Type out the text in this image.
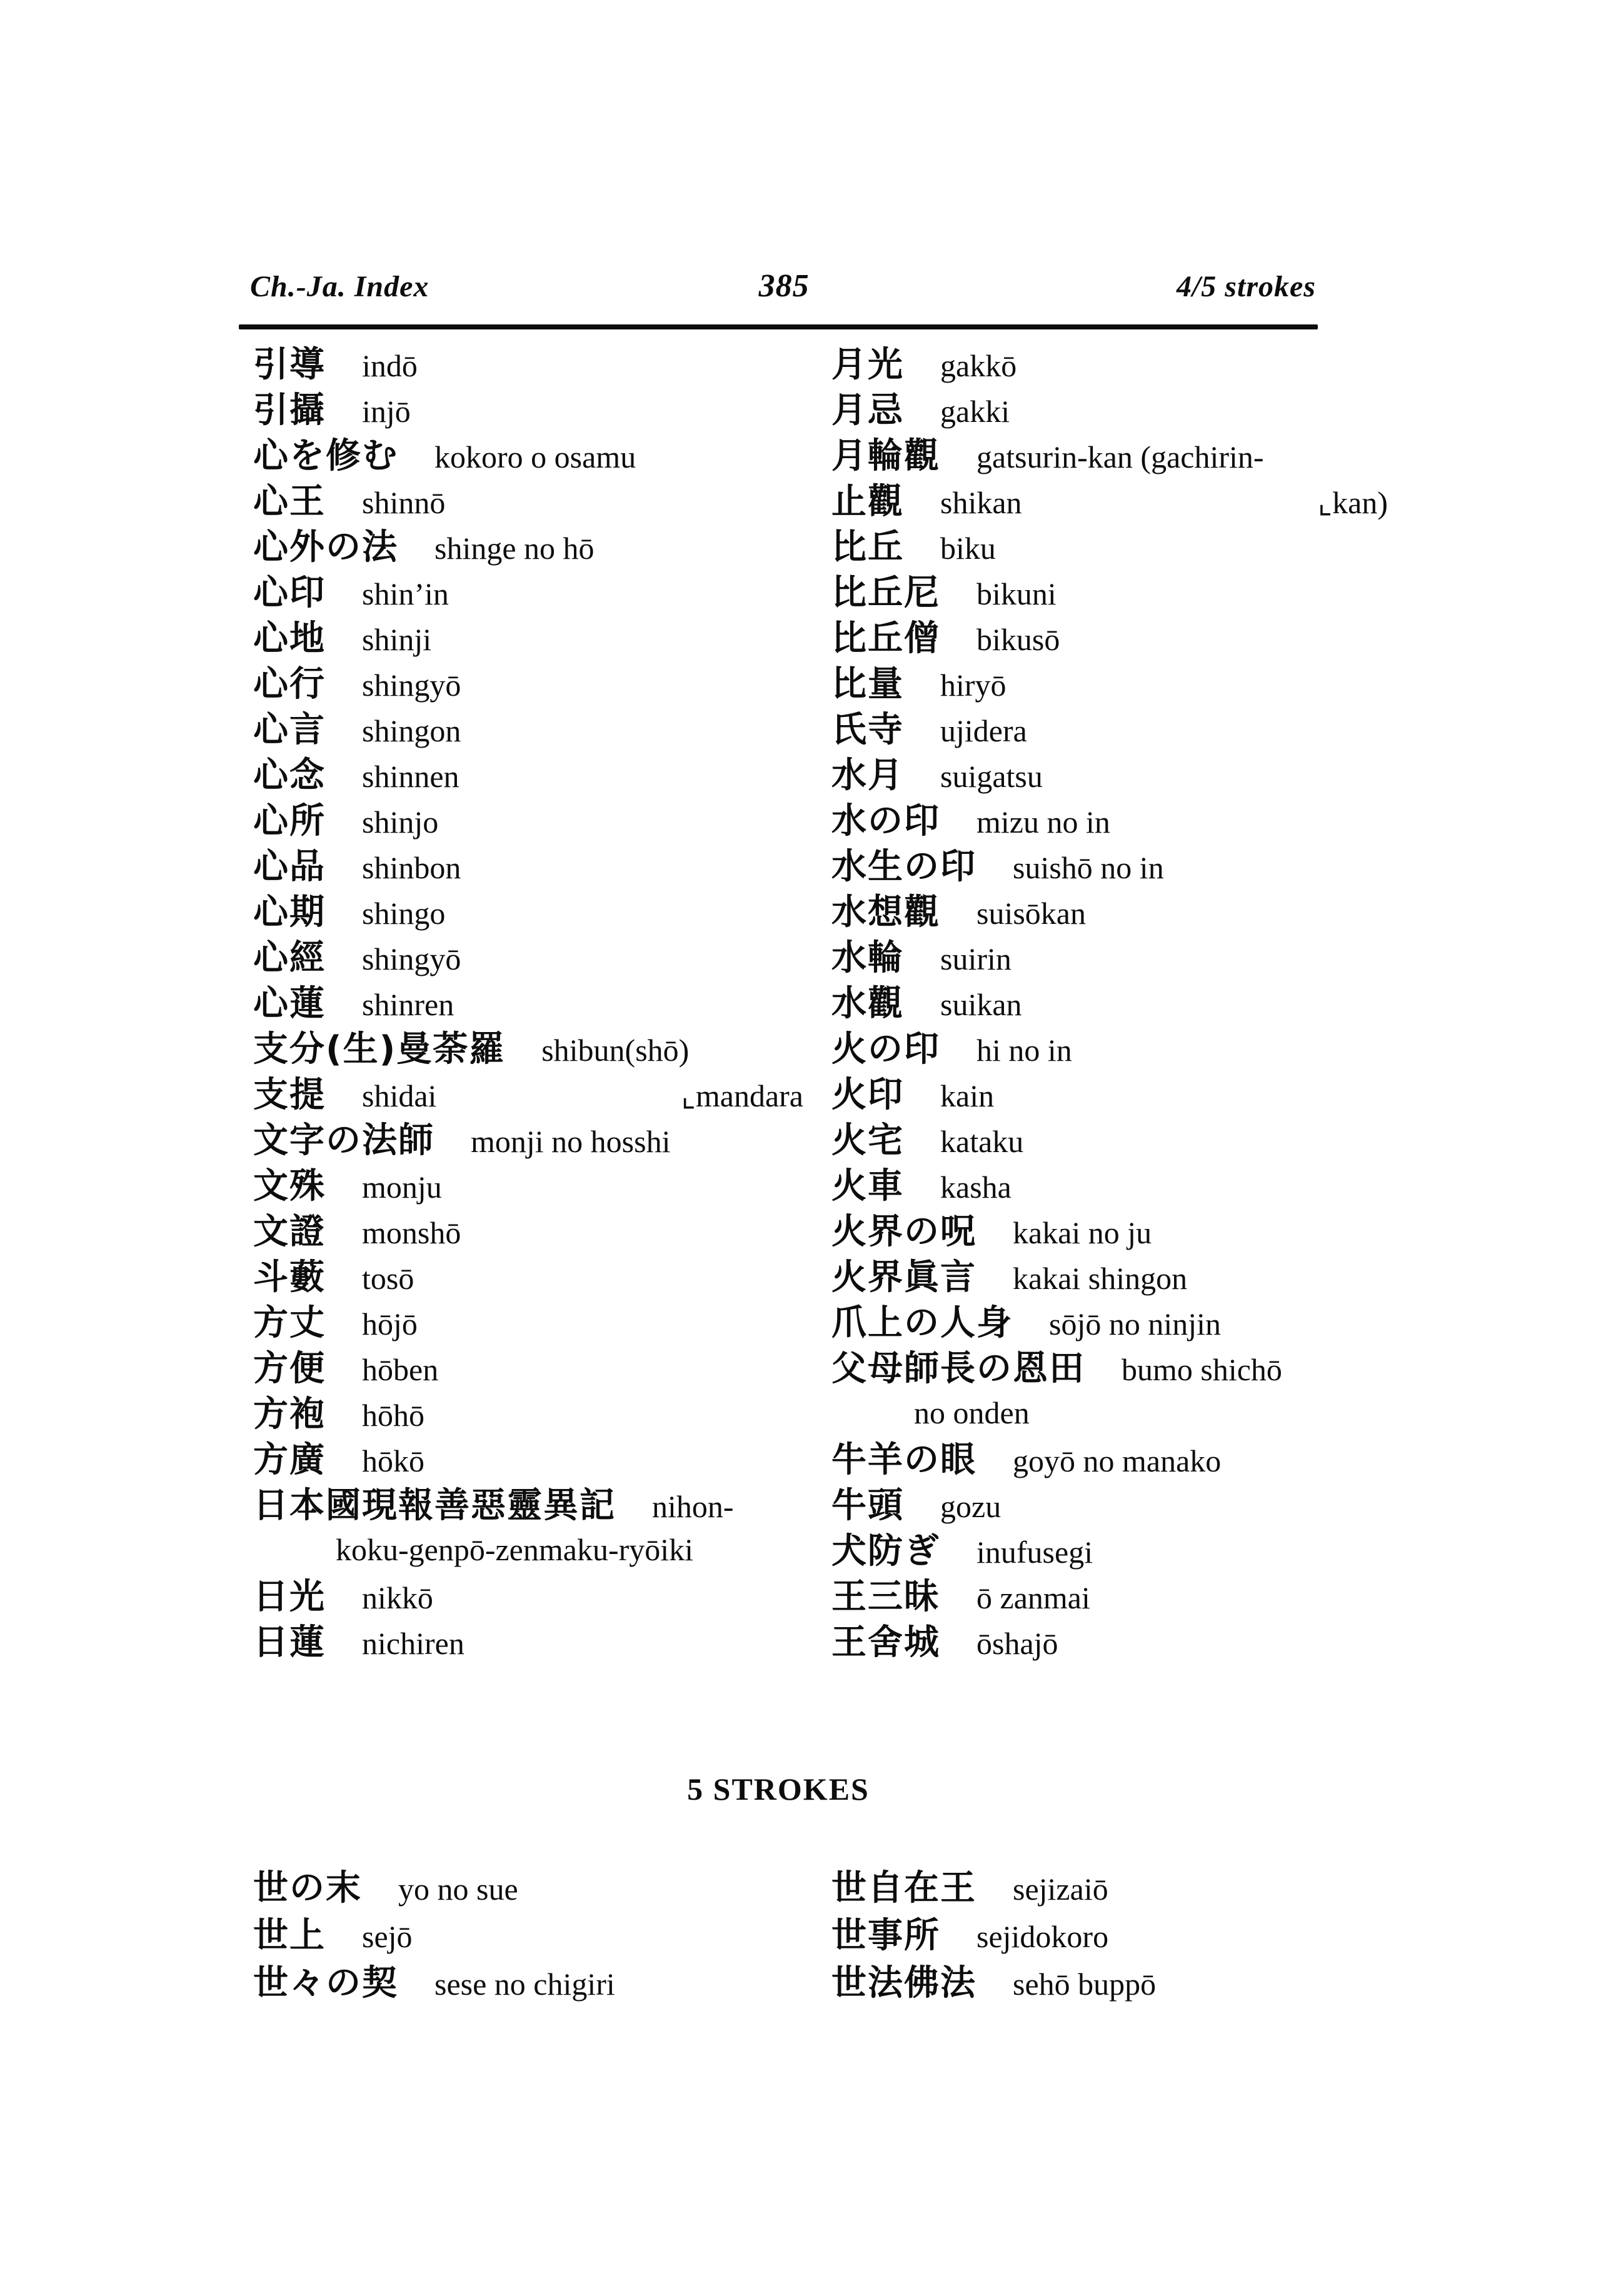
Ch.-Ja. Index	385	4/5 strokes
引導 indō
引攝 injō
心を修む kokoro o osamu
心王 shinnō
心外の法 shinge no hō
心印 shin’in
心地 shinji
心行 shingyō
心言 shingon
心念 shinnen
心所 shinjo
心品 shinbon
心期 shingo
心經 shingyō
心蓮 shinren
支分(生)曼荼羅 shibun(shō)
支提 shidai	⌞mandara
文字の法師 monji no hosshi
文殊 monju
文證 monshō
斗藪 tosō
方丈 hōjō
方便 hōben
方袍 hōhō
方廣 hōkō
日本國現報善惡靈異記 nihon-
koku-genpō-zenmaku-ryōiki
日光 nikkō
日蓮 nichiren
月光 gakkō
月忌 gakki
月輪觀 gatsurin-kan (gachirin-
止觀 shikan	⌞kan)
比丘 biku
比丘尼 bikuni
比丘僧 bikusō
比量 hiryō
氏寺 ujidera
水月 suigatsu
水の印 mizu no in
水生の印 suishō no in
水想觀 suisōkan
水輪 suirin
水觀 suikan
火の印 hi no in
火印 kain
火宅 kataku
火車 kasha
火界の呪 kakai no ju
火界眞言 kakai shingon
爪上の人身 sōjō no ninjin
父母師長の恩田 bumo shichō
no onden
牛羊の眼 goyō no manako
牛頭 gozu
犬防ぎ inufusegi
王三昧 ō zanmai
王舍城 ōshajō
5 STROKES
世の末 yo no sue
世上 sejō
世々の契 sese no chigiri
世自在王 sejizaiō
世事所 sejidokoro
世法佛法 sehō buppō
